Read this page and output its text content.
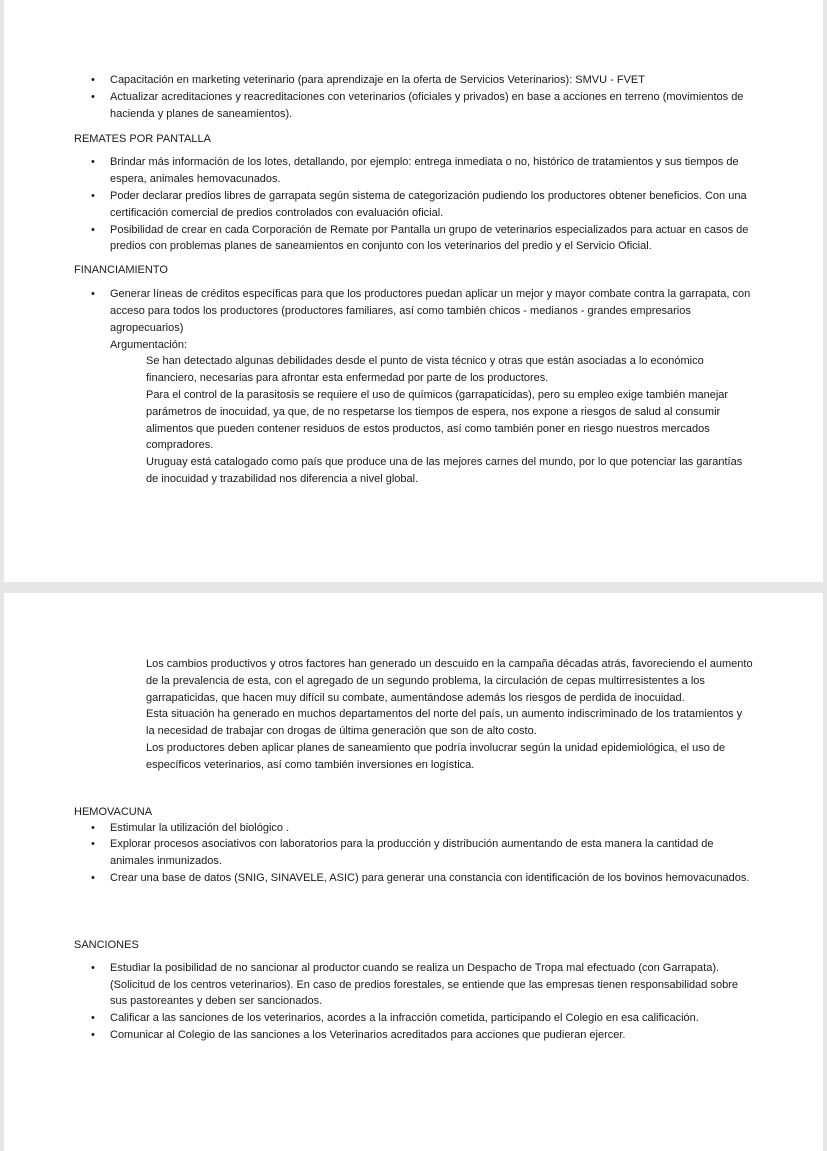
• Capacitación en marketing veterinario (para aprendizaje en la oferta de Servicios Veterinarios): SMVU - FVET
• Actualizar acreditaciones y reacreditaciones con veterinarios (oficiales y privados) en base a acciones en terreno (movimientos de hacienda y planes de saneamientos).

REMATES POR PANTALLA

• Brindar más información de los lotes, detallando, por ejemplo: entrega inmediata o no, histórico de tratamientos y sus tiempos de espera, animales hemovacunados.
• Poder declarar predios libres de garrapata según sistema de categorización pudiendo los productores obtener beneficios. Con una certificación comercial de predios controlados con evaluación oficial.
• Posibilidad de crear en cada Corporación de Remate por Pantalla un grupo de veterinarios especializados para actuar en casos de predios con problemas planes de saneamientos en conjunto con los veterinarios del predio y el Servicio Oficial.

FINANCIAMIENTO

• Generar líneas de créditos específicas para que los productores puedan aplicar un mejor y mayor combate contra la garrapata, con acceso para todos los productores (productores familiares, así como también chicos - medianos - grandes empresarios agropecuarios)
Argumentación:

Se han detectado algunas debilidades desde el punto de vista técnico y otras que están asociadas a lo económico financiero, necesarias para afrontar esta enfermedad por parte de los productores.

Para el control de la parasitosis se requiere el uso de químicos (garrapaticidas), pero su empleo exige también manejar parámetros de inocuidad, ya que, de no respetarse los tiempos de espera, nos expone a riesgos de salud al consumir alimentos que pueden contener residuos de estos productos, así como también poner en riesgo nuestros mercados compradores.

Uruguay está catalogado como país que produce una de las mejores carnes del mundo, por lo que potenciar las garantías de inocuidad y trazabilidad nos diferencia a nivel global.

Los cambios productivos y otros factores han generado un descuido en la campaña décadas atrás, favoreciendo el aumento de la prevalencia de esta, con el agregado de un segundo problema, la circulación de cepas multirresistentes a los garrapaticidas, que hacen muy difícil su combate, aumentándose además los riesgos de perdida de inocuidad.

Esta situación ha generado en muchos departamentos del norte del país, un aumento indiscriminado de los tratamientos y la necesidad de trabajar con drogas de última generación que son de alto costo.

Los productores deben aplicar planes de saneamiento que podría involucrar según la unidad epidemiológica, el uso de específicos veterinarios, así como también inversiones en logística.

HEMOVACUNA

• Estimular la utilización del biológico .
• Explorar procesos asociativos con laboratorios para la producción y distribución aumentando de esta manera la cantidad de animales inmunizados.
• Crear una base de datos (SNIG, SINAVELE, ASIC) para generar una constancia con identificación de los bovinos hemovacunados.

SANCIONES

• Estudiar la posibilidad de no sancionar al productor cuando se realiza un Despacho de Tropa mal efectuado (con Garrapata). (Solicitud de los centros veterinarios). En caso de predios forestales, se entiende que las empresas tienen responsabilidad sobre sus pastoreantes y deben ser sancionados.
• Calificar a las sanciones de los veterinarios, acordes a la infracción cometida, participando el Colegio en esa calificación.
• Comunicar al Colegio de las sanciones a los Veterinarios acreditados para acciones que pudieran ejercer.
